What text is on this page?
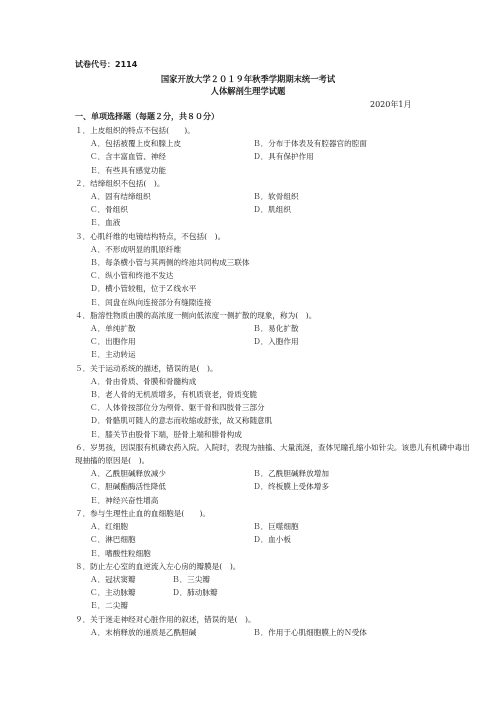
试卷代号：2114
国家开放大学２０１９年秋季学期期末统一考试
人体解剖生理学试题
2020年1月
一、单项选择题（每题２分，共８０分）
１．上皮组织的特点不包括(　　)。
Ａ．包括被覆上皮和腺上皮	Ｂ．分布于体表及有腔器官的腔面
Ｃ．含丰富血管、神经	Ｄ．具有保护作用
Ｅ．有些具有感觉功能
２．结缔组织不包括(　)。
Ａ．固有结缔组织	Ｂ．软骨组织
Ｃ．骨组织	Ｄ．肌组织
Ｅ．血液
３．心肌纤维的电镜结构特点，不包括(　)。
Ａ．不形成明显的肌原纤维
Ｂ．每条横小管与其两侧的终池共同构成三联体
Ｃ．纵小管和终池不发达
Ｄ．横小管较粗，位于Ｚ线水平
Ｅ．闰盘在纵向连接部分有缝隙连接
４．脂溶性物质由膜的高浓度一侧向低浓度一侧扩散的现象，称为(　)。
Ａ．单纯扩散	Ｂ．易化扩散
Ｃ．出胞作用	Ｄ．入胞作用
Ｅ．主动转运
５．关于运动系统的描述，错误的是(　)。
Ａ．骨由骨质、骨膜和骨髓构成
Ｂ．老人骨的无机质增多，有机质衰老，骨质变脆
Ｃ．人体骨按部位分为颅骨、躯干骨和四肢骨三部分
Ｄ．骨骼肌可随人的意志而收缩或舒张，故又称随意肌
Ｅ．膝关节由股骨下端，胫骨上端和腓骨构成
６．岁男孩，因误服有机磷农药入院。入院时，表现为抽搐、大量流涎，查体见瞳孔缩小如针尖。该患儿有机磷中毒出现抽搐的原因是(　)。
Ａ．乙酰胆碱释放减少	Ｂ．乙酰胆碱释放增加
Ｃ．胆碱酯酶活性降低	Ｄ．终板膜上受体增多
Ｅ．神经兴奋性增高
７．参与生理性止血的血细胞是(　　)。
Ａ．红细胞	Ｂ．巨噬细胞
Ｃ．淋巴细胞	Ｄ．血小板
Ｅ．嗜酸性粒细胞
８．防止左心室的血逆流入左心房的瓣膜是(　)。
Ａ．冠状窦瓣	Ｂ．三尖瓣
Ｃ．主动脉瓣	Ｄ．肺动脉瓣
Ｅ．二尖瓣
９．关于迷走神经对心脏作用的叙述，错误的是(　)。
Ａ．末梢释放的递质是乙酰胆碱	Ｂ．作用于心肌细胞膜上的Ｎ受体
